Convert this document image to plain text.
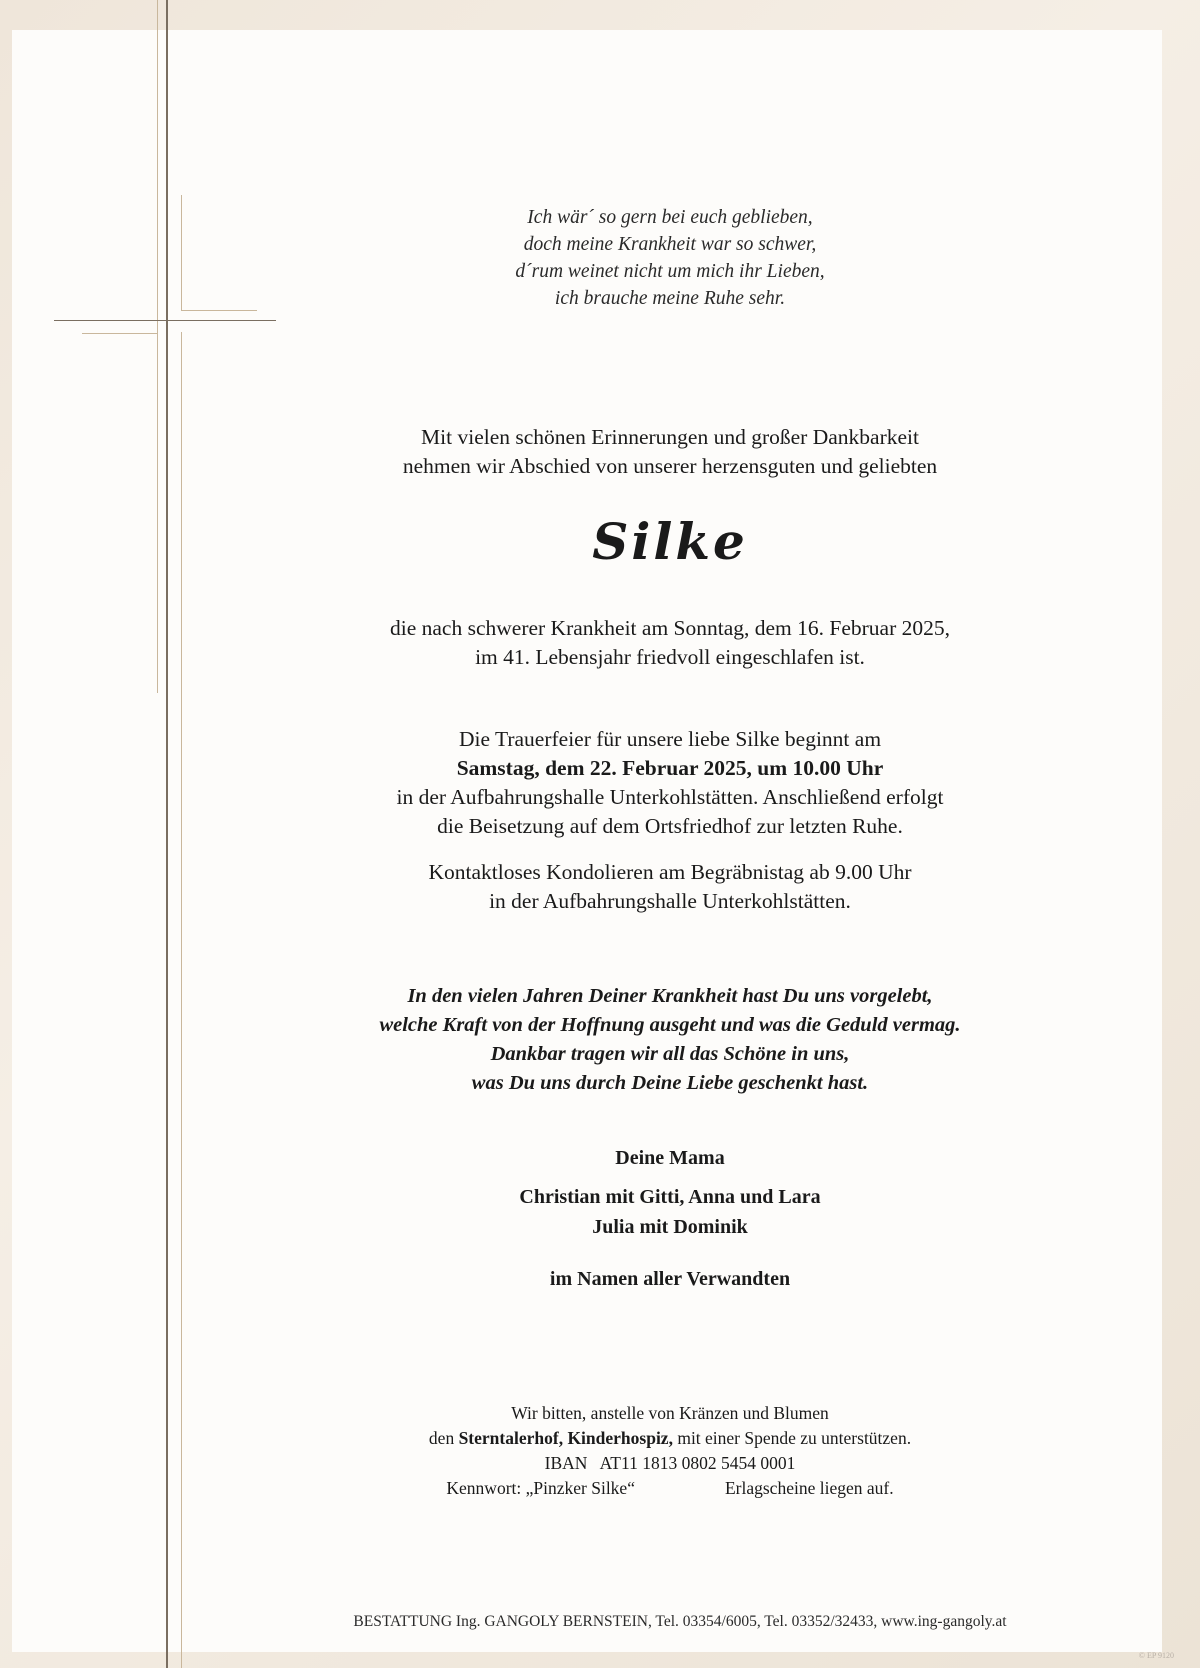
Ich wär´ so gern bei euch geblieben,
doch meine Krankheit war so schwer,
d´rum weinet nicht um mich ihr Lieben,
ich brauche meine Ruhe sehr.
Mit vielen schönen Erinnerungen und großer Dankbarkeit
nehmen wir Abschied von unserer herzensguten und geliebten
Silke
die nach schwerer Krankheit am Sonntag, dem 16. Februar 2025,
im 41. Lebensjahr friedvoll eingeschlafen ist.
Die Trauerfeier für unsere liebe Silke beginnt am
Samstag, dem 22. Februar 2025, um 10.00 Uhr
in der Aufbahrungshalle Unterkohlstätten. Anschließend erfolgt
die Beisetzung auf dem Ortsfriedhof zur letzten Ruhe.
Kontaktloses Kondolieren am Begräbnistag ab 9.00 Uhr
in der Aufbahrungshalle Unterkohlstätten.
In den vielen Jahren Deiner Krankheit hast Du uns vorgelebt,
welche Kraft von der Hoffnung ausgeht und was die Geduld vermag.
Dankbar tragen wir all das Schöne in uns,
was Du uns durch Deine Liebe geschenkt hast.
Deine Mama
Christian mit Gitti, Anna und Lara
Julia mit Dominik
im Namen aller Verwandten
Wir bitten, anstelle von Kränzen und Blumen
den Sterntalerhof, Kinderhospiz, mit einer Spende zu unterstützen.
IBAN   AT11 1813 0802 5454 0001
Kennwort: „Pinzker Silke“	Erlagscheine liegen auf.
BESTATTUNG Ing. GANGOLY BERNSTEIN, Tel. 03354/6005, Tel. 03352/32433, www.ing-gangoly.at
© EP 9120
